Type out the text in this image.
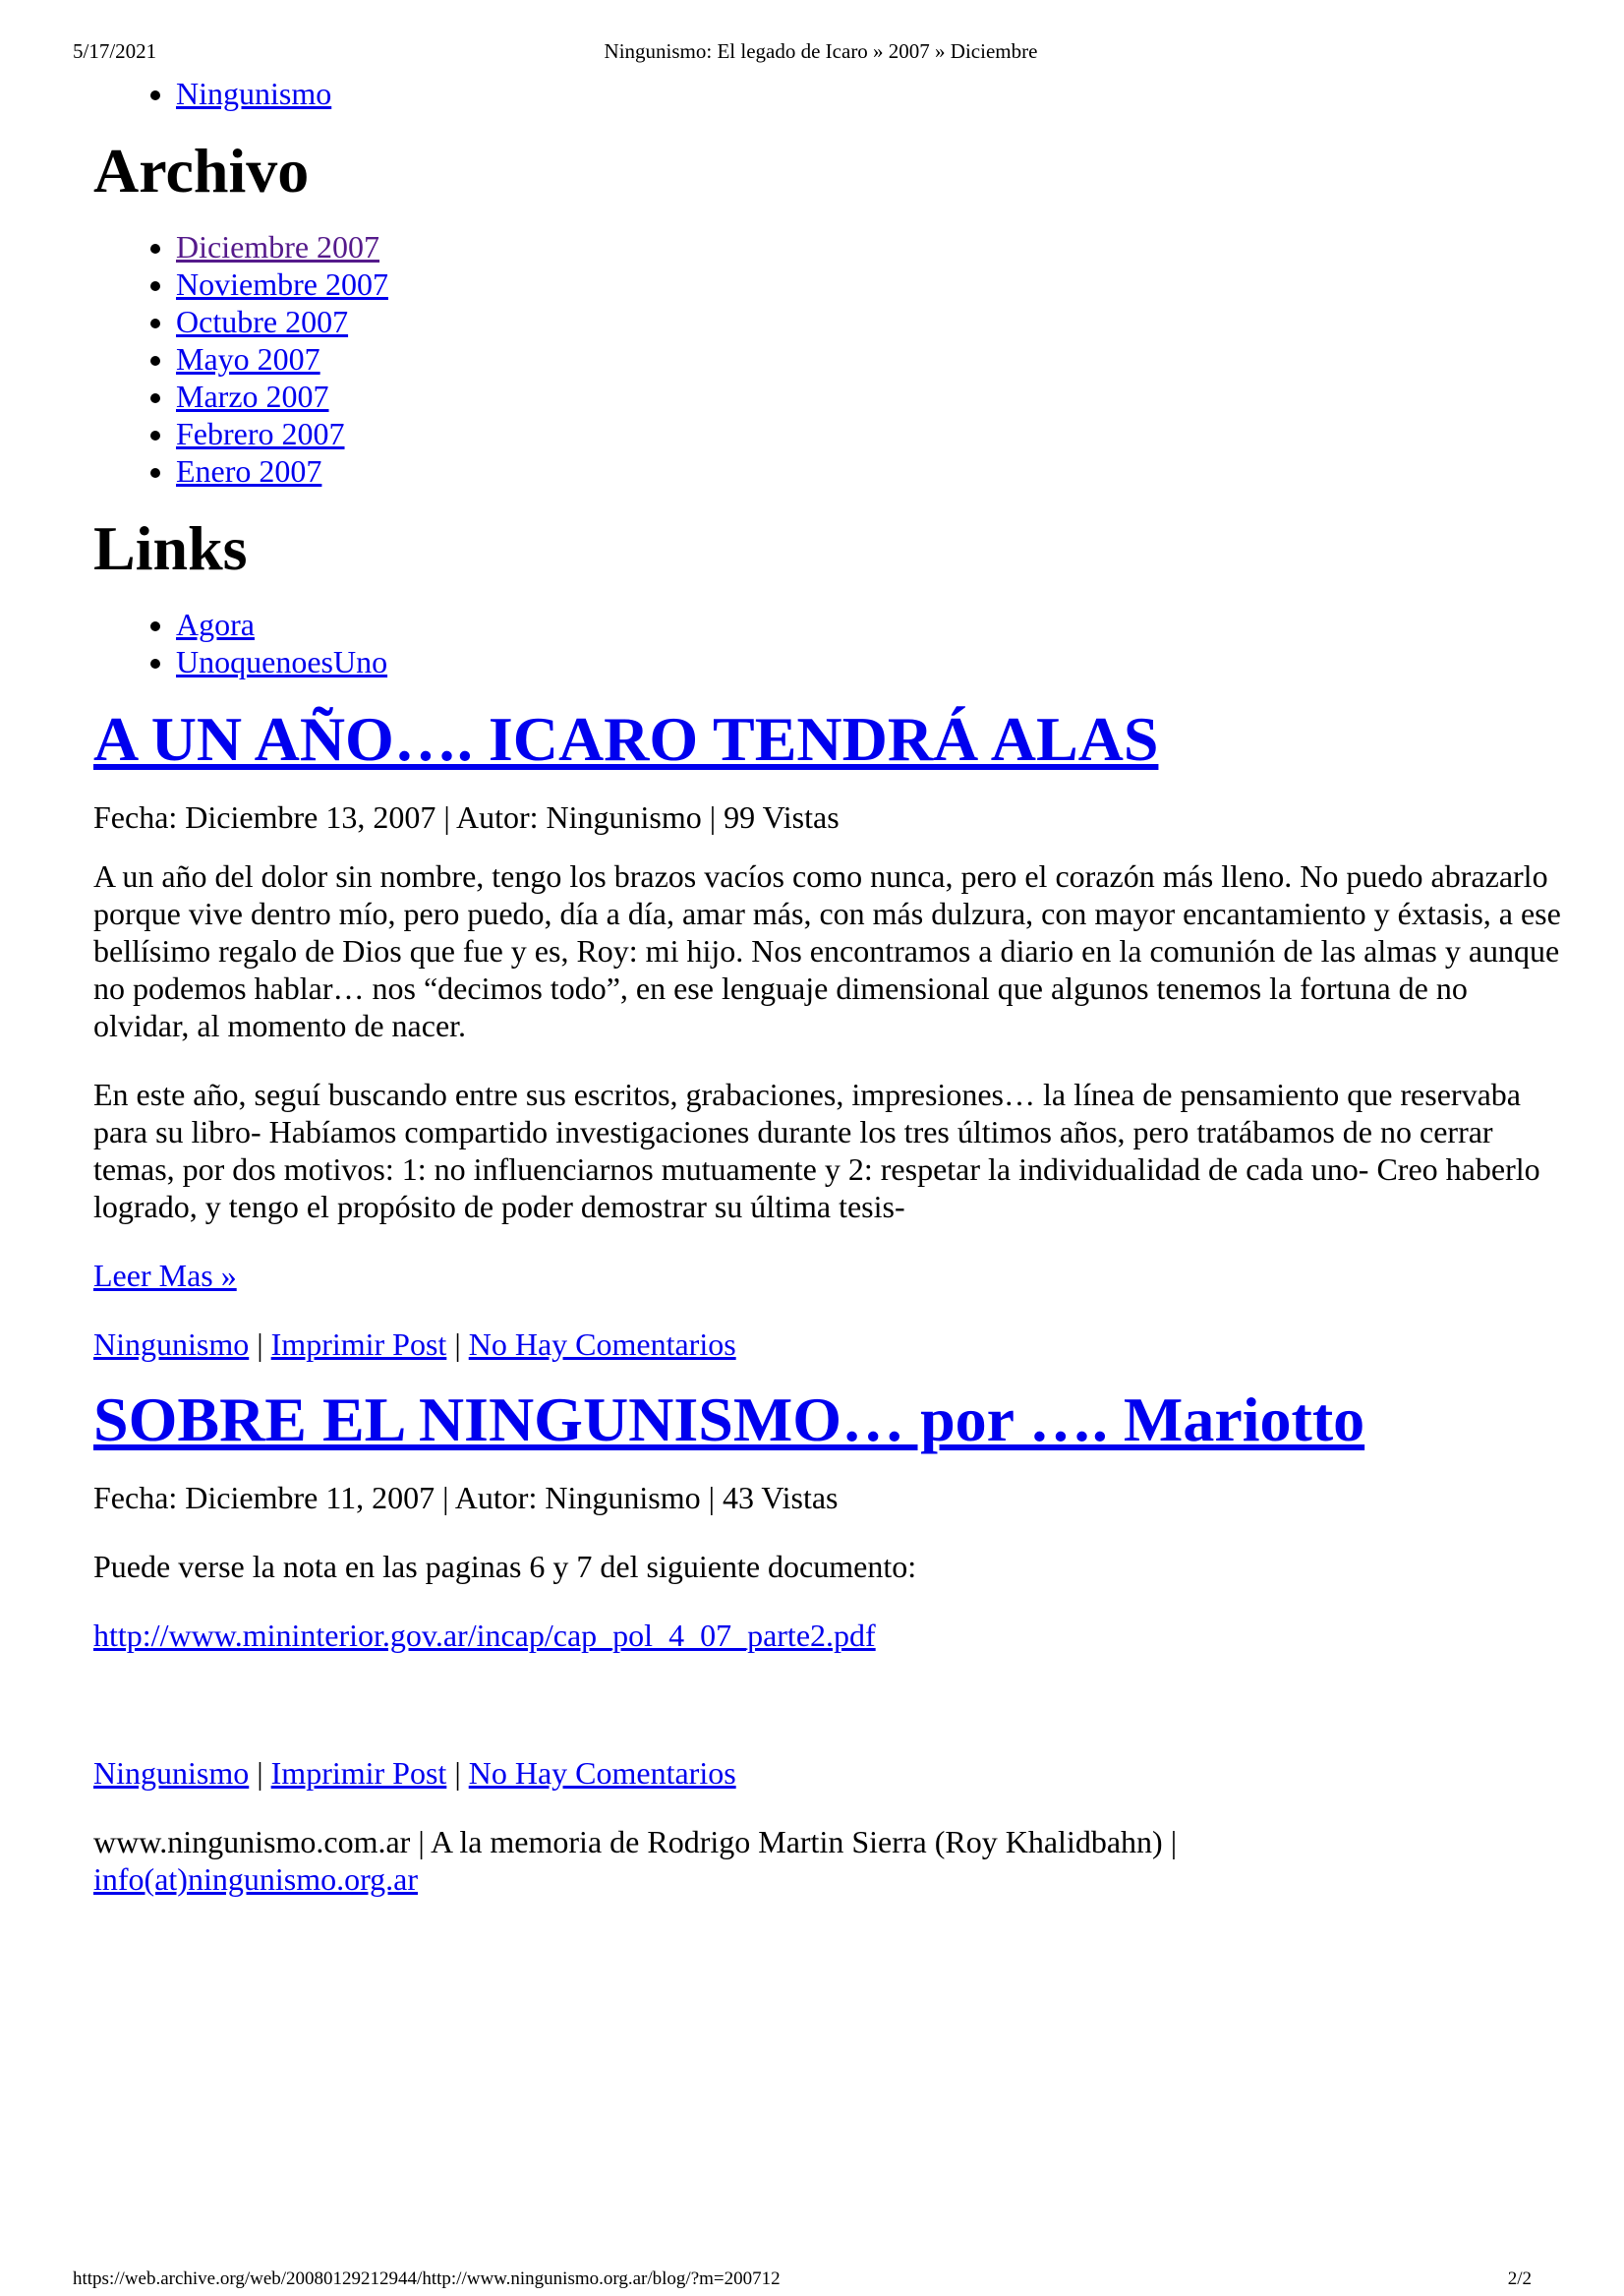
5/17/2021	Ningunismo: El legado de Icaro » 2007 » Diciembre
• Ningunismo
Archivo
• Diciembre 2007
• Noviembre 2007
• Octubre 2007
• Mayo 2007
• Marzo 2007
• Febrero 2007
• Enero 2007
Links
• Agora
• UnoquenoesUno
A UN AÑO…. ICARO TENDRÁ ALAS

Fecha: Diciembre 13, 2007 | Autor: Ningunismo | 99 Vistas

A un año del dolor sin nombre, tengo los brazos vacíos como nunca, pero el corazón más lleno. No puedo abrazarlo porque vive dentro mío, pero puedo, día a día, amar más, con más dulzura, con mayor encantamiento y éxtasis, a ese bellísimo regalo de Dios que fue y es, Roy: mi hijo. Nos encontramos a diario en la comunión de las almas y aunque no podemos hablar… nos “decimos todo”, en ese lenguaje dimensional que algunos tenemos la fortuna de no olvidar, al momento de nacer.

En este año, seguí buscando entre sus escritos, grabaciones, impresiones… la línea de pensamiento que reservaba para su libro- Habíamos compartido investigaciones durante los tres últimos años, pero tratábamos de no cerrar temas, por dos motivos: 1: no influenciarnos mutuamente y 2: respetar la individualidad de cada uno- Creo haberlo logrado, y tengo el propósito de poder demostrar su última tesis-

Leer Mas »

Ningunismo | Imprimir Post | No Hay Comentarios

SOBRE EL NINGUNISMO… por …. Mariotto

Fecha: Diciembre 11, 2007 | Autor: Ningunismo | 43 Vistas

Puede verse la nota en las paginas 6 y 7 del siguiente documento:

http://www.mininterior.gov.ar/incap/cap_pol_4_07_parte2.pdf

Ningunismo | Imprimir Post | No Hay Comentarios

www.ningunismo.com.ar | A la memoria de Rodrigo Martin Sierra (Roy Khalidbahn) |

info(at)ningunismo.org.ar

https://web.archive.org/web/20080129212944/http://www.ningunismo.org.ar/blog/?m=200712	2/2
